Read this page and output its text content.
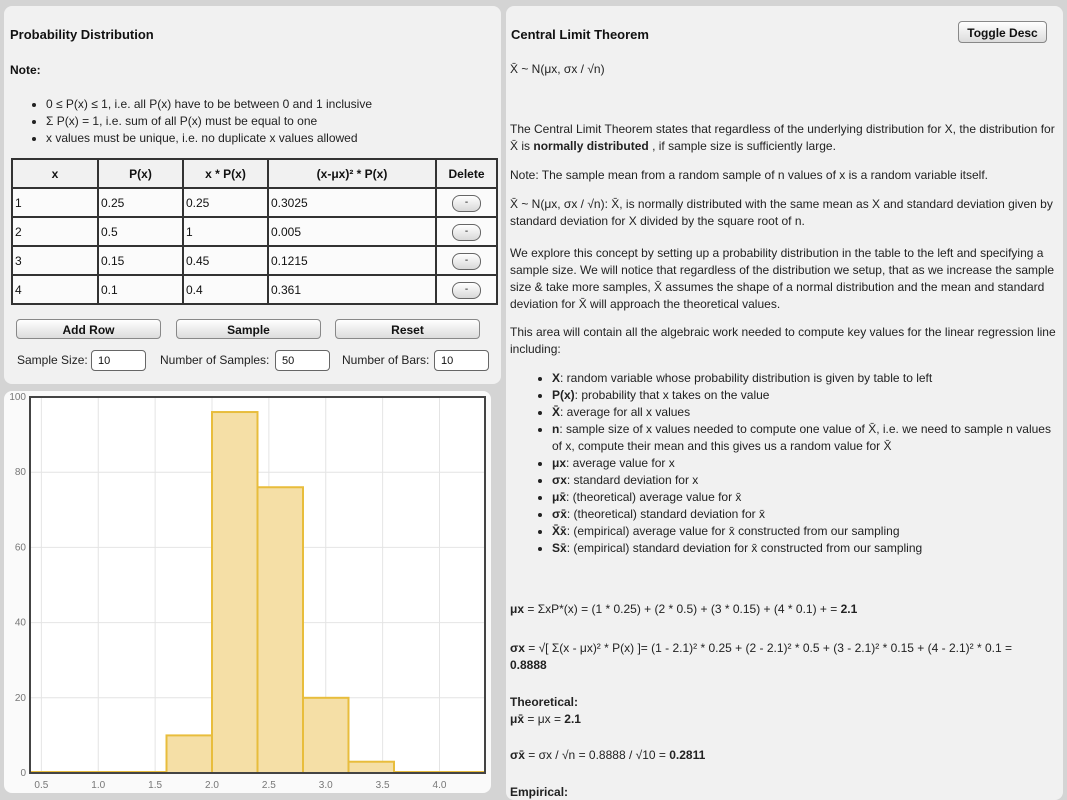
Probability Distribution
Note:
• 0 ≤ P(x) ≤ 1, i.e. all P(x) have to be between 0 and 1 inclusive
• Σ P(x) = 1, i.e. sum of all P(x) must be equal to one
• x values must be unique, i.e. no duplicate x values allowed
x	P(x)	x * P(x)	(x-μx)² * P(x)	Delete
1	0.25	0.25	0.3025	-
2	0.5	1	0.005	-
3	0.15	0.45	0.1215	-
4	0.1	0.4	0.361	-
Add Row	Sample	Reset
Sample Size: 10	Number of Samples:	50	Number of Bars:	10
0
20
40
60
80
100
0.5	1.0	1.5	2.0	2.5	3.0	3.5	4.0
Central Limit Theorem	Toggle Desc
X̄ ~ N(μx, σx / √n)
The Central Limit Theorem states that regardless of the underlying distribution for X, the distribution for X̄ is normally distributed , if sample size is sufficiently large.
Note: The sample mean from a random sample of n values of x is a random variable itself.
X̄ ~ N(μx, σx / √n): X̄, is normally distributed with the same mean as X and standard deviation given by standard deviation for X divided by the square root of n.
We explore this concept by setting up a probability distribution in the table to the left and specifying a sample size. We will notice that regardless of the distribution we setup, that as we increase the sample size & take more samples, X̄ assumes the shape of a normal distribution and the mean and standard deviation for X̄ will approach the theoretical values.
This area will contain all the algebraic work needed to compute key values for the linear regression line including:
• X: random variable whose probability distribution is given by table to left
• P(x): probability that x takes on the value
• X̄: average for all x values
• n: sample size of x values needed to compute one value of X̄, i.e. we need to sample n values of x, compute their mean and this gives us a random value for X̄
• μx: average value for x
• σx: standard deviation for x
• μx̄: (theoretical) average value for x̄
• σx̄: (theoretical) standard deviation for x̄
• X̄x̄: (empirical) average value for x̄ constructed from our sampling
• Sx̄: (empirical) standard deviation for x̄ constructed from our sampling
μx = ΣxP*(x) = (1 * 0.25) + (2 * 0.5) + (3 * 0.15) + (4 * 0.1) + = 2.1
σx = √[ Σ(x - μx)² * P(x) ]= (1 - 2.1)² * 0.25 + (2 - 2.1)² * 0.5 + (3 - 2.1)² * 0.15 + (4 - 2.1)² * 0.1 =
0.8888
Theoretical:
μx̄ = μx = 2.1
σx̄ = σx / √n = 0.8888 / √10 = 0.2811
Empirical:
